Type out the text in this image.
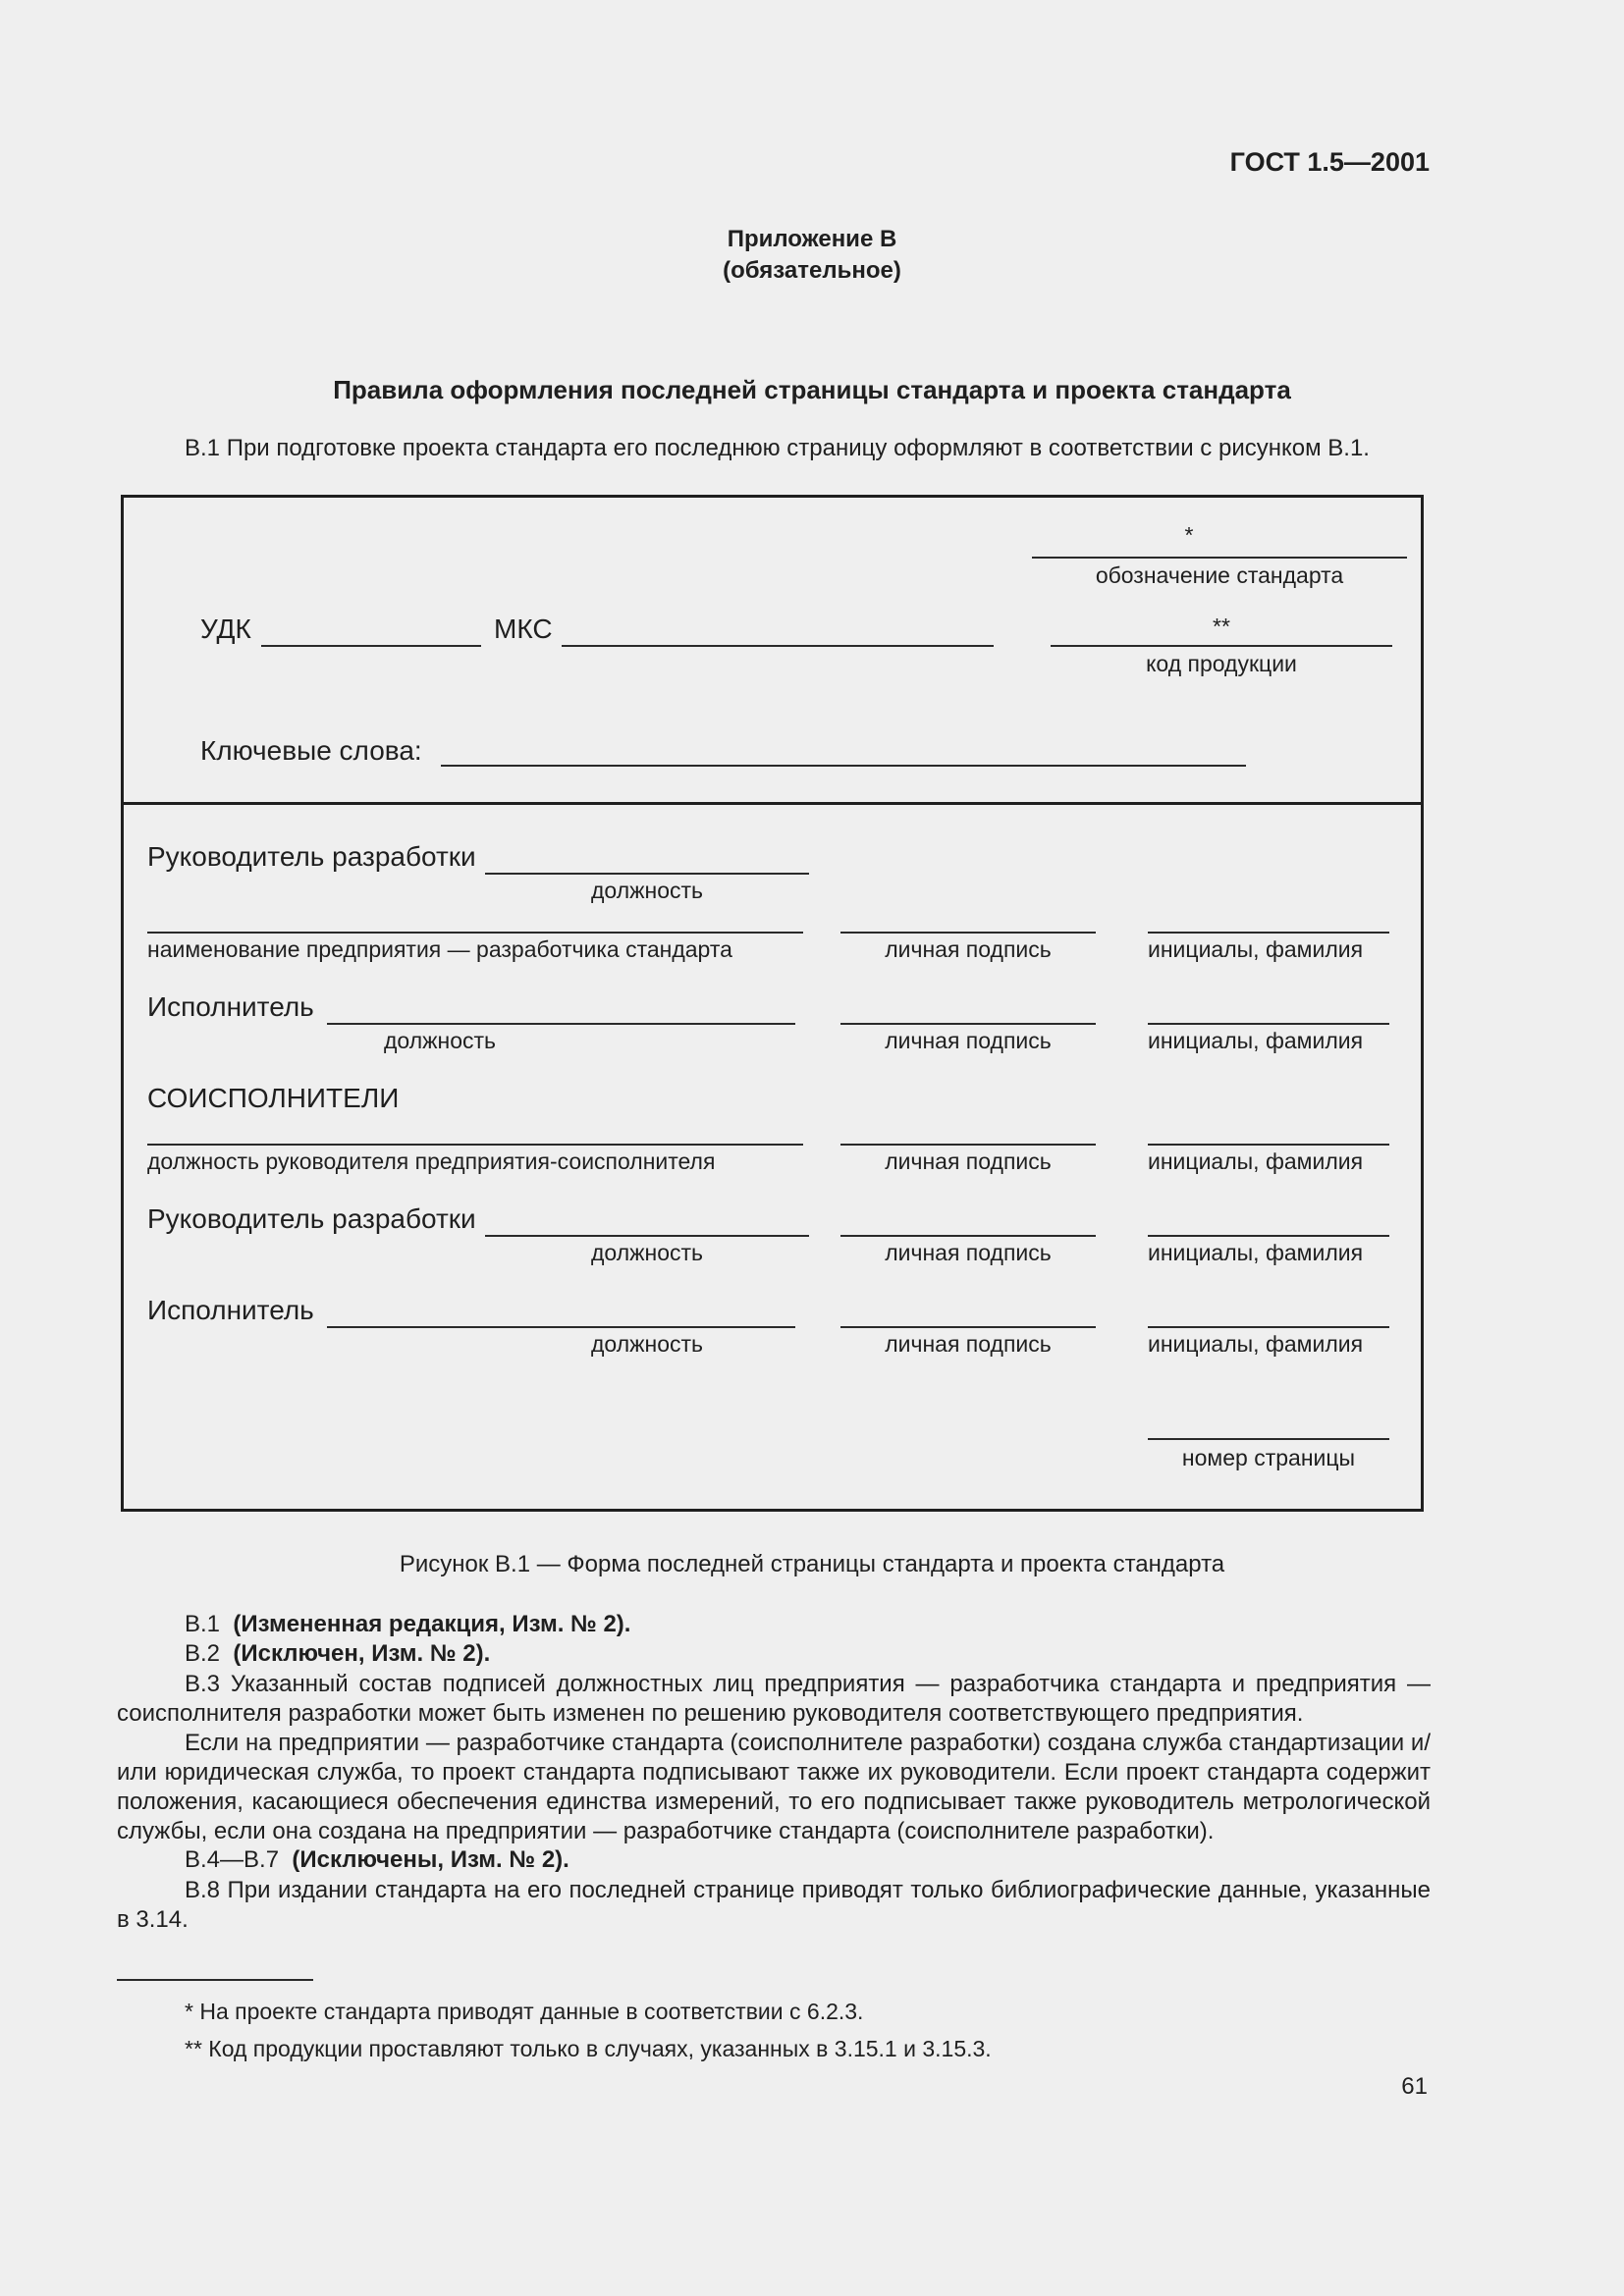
ГОСТ 1.5—2001
Приложение В
(обязательное)
Правила оформления последней страницы стандарта и проекта стандарта
В.1 При подготовке проекта стандарта его последнюю страницу оформляют в соответствии с рисунком В.1.
*
обозначение стандарта
УДК	МКС	**
код продукции
Ключевые слова:
Руководитель разработки
должность
наименование предприятия — разработчика стандарта	личная подпись	инициалы, фамилия
Исполнитель
должность	личная подпись	инициалы, фамилия
СОИСПОЛНИТЕЛИ
должность руководителя предприятия-соисполнителя	личная подпись	инициалы, фамилия
Руководитель разработки
должность	личная подпись	инициалы, фамилия
Исполнитель
должность	личная подпись	инициалы, фамилия
номер страницы
Рисунок В.1 — Форма последней страницы стандарта и проекта стандарта
В.1 (Измененная редакция, Изм. № 2).
В.2 (Исключен, Изм. № 2).
В.3 Указанный состав подписей должностных лиц предприятия — разработчика стандарта и предприятия — соисполнителя разработки может быть изменен по решению руководителя соответствующего предприятия.
Если на предприятии — разработчике стандарта (соисполнителе разработки) создана служба стандартизации и/или юридическая служба, то проект стандарта подписывают также их руководители. Если проект стандарта содержит положения, касающиеся обеспечения единства измерений, то его подписывает также руководитель метрологической службы, если она создана на предприятии — разработчике стандарта (соисполнителе разработки).
В.4—В.7 (Исключены, Изм. № 2).
В.8 При издании стандарта на его последней странице приводят только библиографические данные, указанные в 3.14.
* На проекте стандарта приводят данные в соответствии с 6.2.3.
** Код продукции проставляют только в случаях, указанных в 3.15.1 и 3.15.3.
61
